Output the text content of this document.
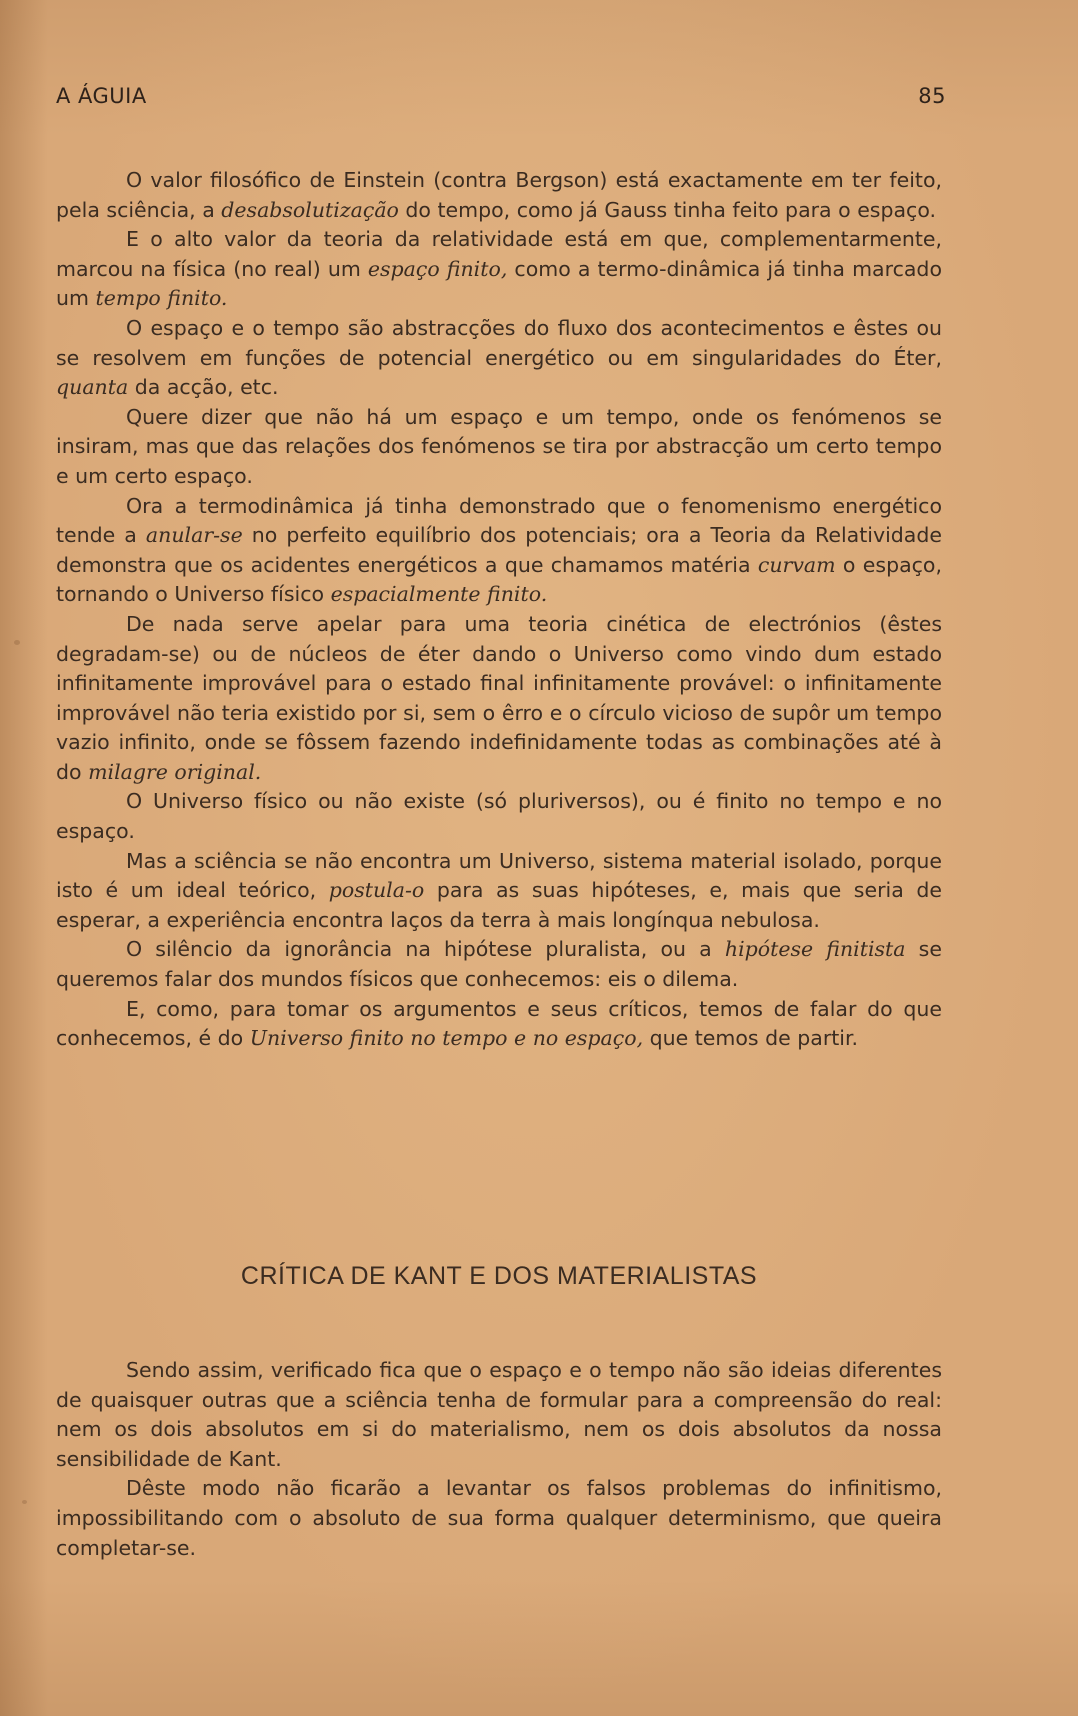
A ÁGUIA	85

O valor filosófico de Einstein (contra Bergson) está exactamente em ter feito, pela sciência, a desabsolutização do tempo, como já Gauss tinha feito para o espaço.

E o alto valor da teoria da relatividade está em que, complementarmente, marcou na física (no real) um espaço finito, como a termo-dinâmica já tinha marcado um tempo finito.

O espaço e o tempo são abstracções do fluxo dos acontecimentos e êstes ou se resolvem em funções de potencial energético ou em singularidades do Éter, quanta da acção, etc.

Quere dizer que não há um espaço e um tempo, onde os fenómenos se insiram, mas que das relações dos fenómenos se tira por abstracção um certo tempo e um certo espaço.

Ora a termodinâmica já tinha demonstrado que o fenomenismo energético tende a anular-se no perfeito equilíbrio dos potenciais; ora a Teoria da Relatividade demonstra que os acidentes energéticos a que chamamos matéria curvam o espaço, tornando o Universo físico espacialmente finito.

De nada serve apelar para uma teoria cinética de electrónios (êstes degradam-se) ou de núcleos de éter dando o Universo como vindo dum estado infinitamente improvável para o estado final infinitamente provável: o infinitamente improvável não teria existido por si, sem o êrro e o círculo vicioso de supôr um tempo vazio infinito, onde se fôssem fazendo indefinidamente todas as combinações até à do milagre original.

O Universo físico ou não existe (só pluriversos), ou é finito no tempo e no espaço.

Mas a sciência se não encontra um Universo, sistema material isolado, porque isto é um ideal teórico, postula-o para as suas hipóteses, e, mais que seria de esperar, a experiência encontra laços da terra à mais longínqua nebulosa.

O silêncio da ignorância na hipótese pluralista, ou a hipótese finitista se queremos falar dos mundos físicos que conhecemos: eis o dilema.

E, como, para tomar os argumentos e seus críticos, temos de falar do que conhecemos, é do Universo finito no tempo e no espaço, que temos de partir.

CRÍTICA DE KANT E DOS MATERIALISTAS

Sendo assim, verificado fica que o espaço e o tempo não são ideias diferentes de quaisquer outras que a sciência tenha de formular para a compreensão do real: nem os dois absolutos em si do materialismo, nem os dois absolutos da nossa sensibilidade de Kant.

Dêste modo não ficarão a levantar os falsos problemas do infinitismo, impossibilitando com o absoluto de sua forma qualquer determinismo, que queira completar-se.
